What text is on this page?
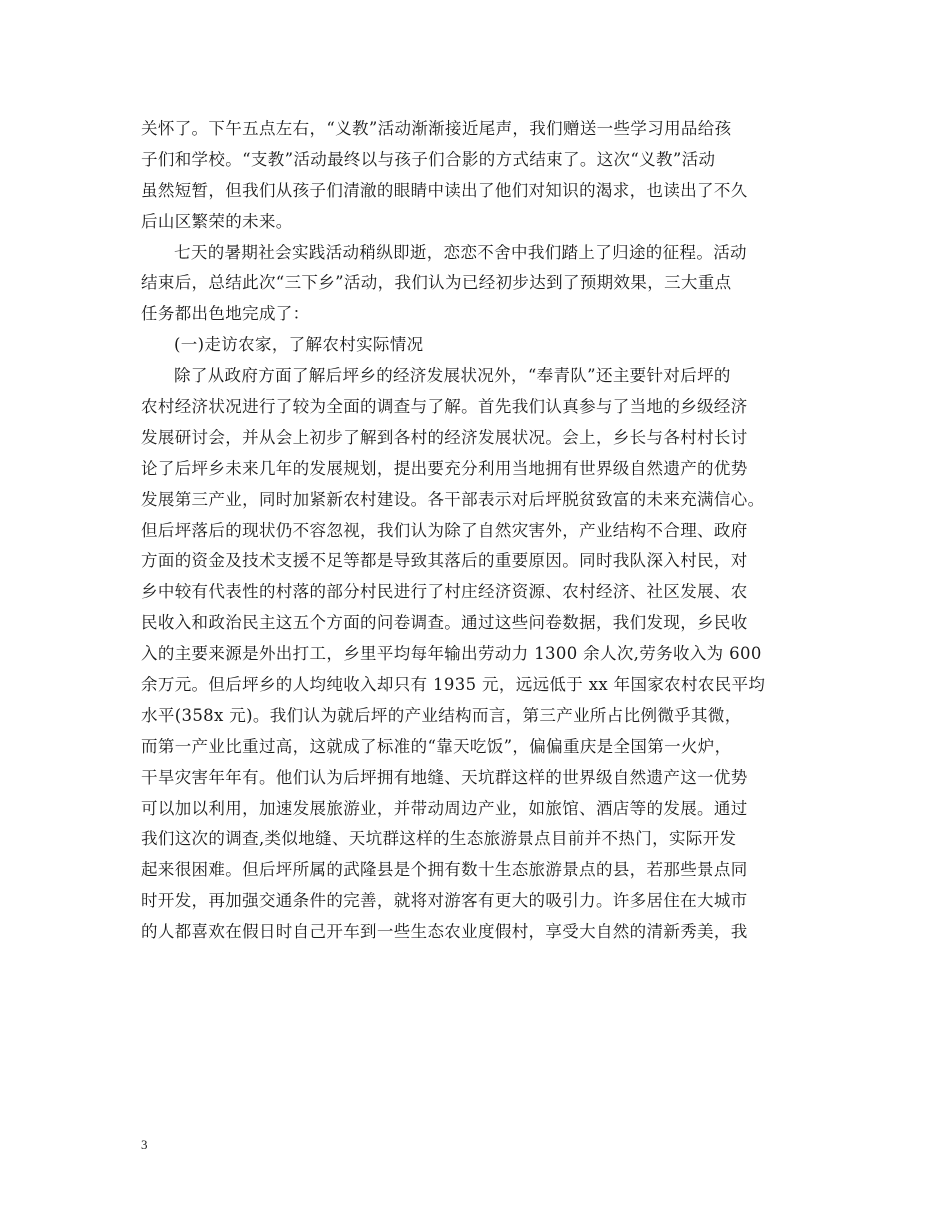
关怀了。下午五点左右，“义教”活动渐渐接近尾声，我们赠送一些学习用品给孩
子们和学校。“支教”活动最终以与孩子们合影的方式结束了。这次“义教”活动
虽然短暂，但我们从孩子们清澈的眼睛中读出了他们对知识的渴求，也读出了不久
后山区繁荣的未来。
七天的暑期社会实践活动稍纵即逝，恋恋不舍中我们踏上了归途的征程。活动
结束后，总结此次“三下乡”活动，我们认为已经初步达到了预期效果，三大重点
任务都出色地完成了：
(一)走访农家，了解农村实际情况
除了从政府方面了解后坪乡的经济发展状况外，“奉青队”还主要针对后坪的
农村经济状况进行了较为全面的调查与了解。首先我们认真参与了当地的乡级经济
发展研讨会，并从会上初步了解到各村的经济发展状况。会上，乡长与各村村长讨
论了后坪乡未来几年的发展规划，提出要充分利用当地拥有世界级自然遗产的优势
发展第三产业，同时加紧新农村建设。各干部表示对后坪脱贫致富的未来充满信心。
但后坪落后的现状仍不容忽视，我们认为除了自然灾害外，产业结构不合理、政府
方面的资金及技术支援不足等都是导致其落后的重要原因。同时我队深入村民，对
乡中较有代表性的村落的部分村民进行了村庄经济资源、农村经济、社区发展、农
民收入和政治民主这五个方面的问卷调查。通过这些问卷数据，我们发现，乡民收
入的主要来源是外出打工，乡里平均每年输出劳动力 1300 余人次,劳务收入为 600
余万元。但后坪乡的人均纯收入却只有 1935 元，远远低于 xx 年国家农村农民平均
水平(358x 元)。我们认为就后坪的产业结构而言，第三产业所占比例微乎其微，
而第一产业比重过高，这就成了标准的“靠天吃饭”，偏偏重庆是全国第一火炉，
干旱灾害年年有。他们认为后坪拥有地缝、天坑群这样的世界级自然遗产这一优势
可以加以利用，加速发展旅游业，并带动周边产业，如旅馆、酒店等的发展。通过
我们这次的调查,类似地缝、天坑群这样的生态旅游景点目前并不热门，实际开发
起来很困难。但后坪所属的武隆县是个拥有数十生态旅游景点的县，若那些景点同
时开发，再加强交通条件的完善，就将对游客有更大的吸引力。许多居住在大城市
的人都喜欢在假日时自己开车到一些生态农业度假村，享受大自然的清新秀美，我
3
